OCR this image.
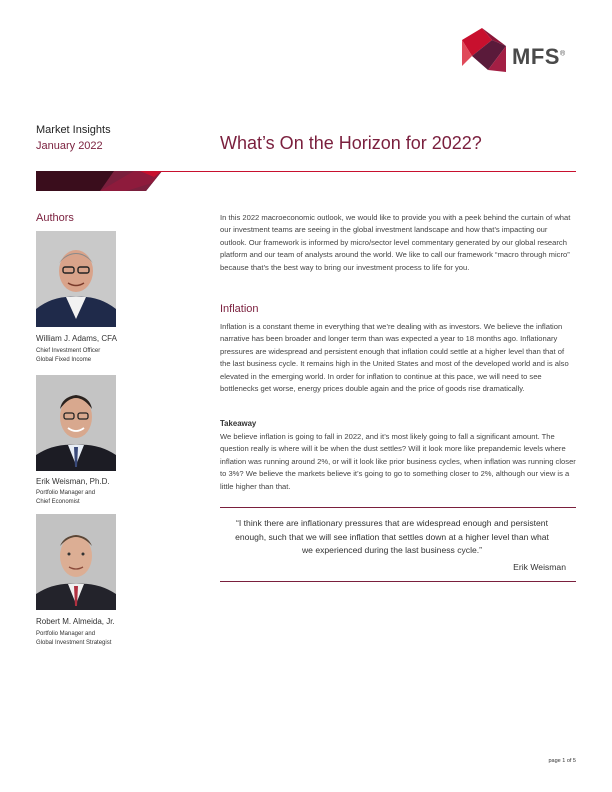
MFS®
Market Insights
January 2022	What’s On the Horizon for 2022?
Authors
William J. Adams, CFA
Chief Investment Officer
Global Fixed Income
Erik Weisman, Ph.D.
Portfolio Manager and
Chief Economist
Robert M. Almeida, Jr.
Portfolio Manager and
Global Investment Strategist
In this 2022 macroeconomic outlook, we would like to provide you with a peek behind the curtain of what our investment teams are seeing in the global investment landscape and how that’s impacting our outlook. Our framework is informed by micro/sector level commentary generated by our global research platform and our team of analysts around the world. We like to call our framework “macro through micro” because that’s the best way to bring our investment process to life for you.
Inflation
Inflation is a constant theme in everything that we’re dealing with as investors. We believe the inflation narrative has been broader and longer term than was expected a year to 18 months ago. Inflationary pressures are widespread and persistent enough that inflation could settle at a higher level than that of the last business cycle. It remains high in the United States and most of the developed world and is also elevated in the emerging world. In order for inflation to continue at this pace, we will need to see bottlenecks get worse, energy prices double again and the price of goods rise dramatically.
Takeaway
We believe inflation is going to fall in 2022, and it’s most likely going to fall a significant amount. The question really is where will it be when the dust settles? Will it look more like prepandemic levels where inflation was running around 2%, or will it look like prior business cycles, when inflation was running closer to 3%? We believe the markets believe it’s going to go to something closer to 2%, although our view is a little higher than that.
“I think there are inflationary pressures that are widespread enough and persistent enough, such that we will see inflation that settles down at a higher level than what we experienced during the last business cycle.”
Erik Weisman
page 1 of 5
